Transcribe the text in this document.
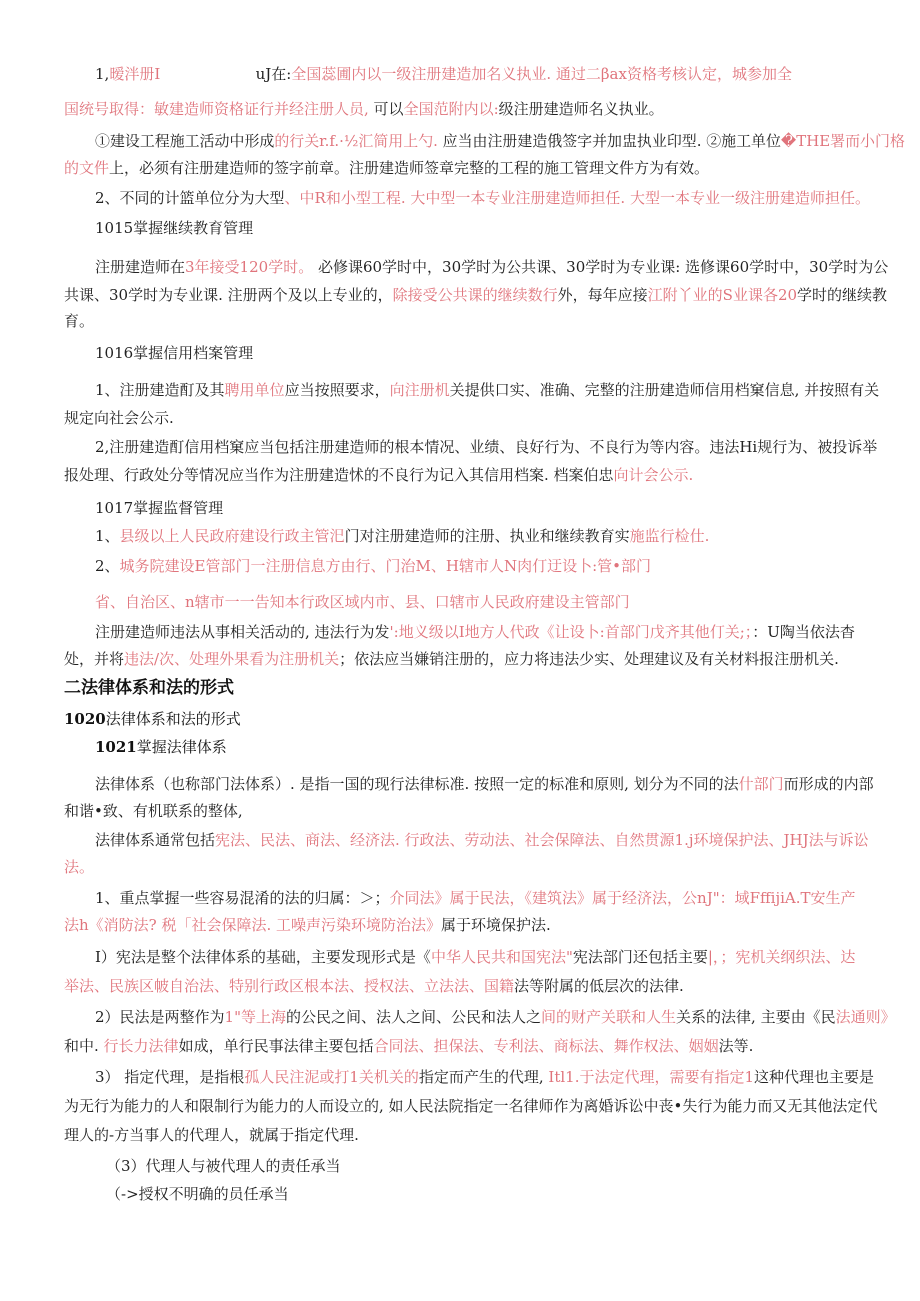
1,暧泮册I                    uJ在:全国蕊圃内以一级注册建造加名义执业. 通过二βax资格考核认定，城参加全
国统号取得：敏建造师资格证行并经注册人员, 可以全国范附内以:级注册建造师名义执业。
①建设工程施工活动中形成的行关r.f.·½汇简用上勺. 应当由注册建造俄签字并加盅执业印型. ②施工单位�THE署而小门格
的文件上，必须有注册建造师的签字前章。注册建造师签章完整的工程的施工管理文件方为有效。
2、不同的计篮单位分为大型、中R和小型工程. 大中型一本专业注册建造师担任. 大型一本专业一级注册建造师担任。
1015掌握继续教育管理
注册建造师在3年接受120学时。 必修课60学时中，30学时为公共课、30学时为专业课: 选修课60学时中，30学时为公
共课、30学时为专业课. 注册两个及以上专业的，除接受公共课的继续数行外，每年应接江附丫业的S业课各20学时的继续教
育。
1016掌握信用档案管理
1、注册建造酊及其聘用单位应当按照要求，向注册机关提供口实、准确、完整的注册建造师信用档窠信息, 并按照有关
规定向社会公示.
2,注册建造酊信用档窠应当包括注册建造师的根本情况、业绩、良好行为、不良行为等内容。违法Hi规行为、被投诉举
报处理、行政处分等情况应当作为注册建造怵的不良行为记入其信用档案. 档案伯忠向计会公示.
1017掌握监督管理
1、县级以上人民政府建设行政主管汜门对注册建造师的注册、执业和继续教育实施监行检仕.
2、城务院建设E管部门一注册信息方由行、门治M、H辖市人N肉仃迂设卜:管•部门
省、自治区、n辖市一一告知本行政区域内市、县、口辖市人民政府建设主管部门
注册建造师违法从事相关活动的, 违法行为发':地义级以I地方人代政《让设卜:首部门戊齐其他仃关;；：U陶当依法杳
处，并将违法/次、处理外果看为注册机关；依法应当嫌销注册的，应力将违法少实、处理建议及有关材料报注册机关.
二法律体系和法的形式
1020法律体系和法的形式
1021掌握法律体系
法律体系（也称部门法体系）. 是指一国的现行法律标准. 按照一定的标准和原则, 划分为不同的法什部门而形成的内部
和谐•致、有机联系的整体,
法律体系通常包括宪法、民法、商法、经济法. 行政法、劳动法、社会保障法、自然贯源1.j环境保护法、JHJ法与诉讼
法。
1、重点掌握一些容易混淆的法的归属：＞；介同法》属于民法，《建筑法》属于经济法，公nJ"：域FffijiA.T安生产
法h《消防法? 税「社会保障法. 工噪声污染环境防治法》属于环境保护法.
I）宪法是整个法律体系的基础，主要发现形式是《中华人民共和国宪法"宪法部门还包括主要|，；宪机关纲织法、达
举法、民族区帔自治法、特别行政区根本法、授权法、立法法、国籍法等附属的低层次的法律.
2）民法是两整作为1"等上海的公民之间、法人之间、公民和法人之间的财产关联和人生关系的法律, 主要由《民法通则》
和中. 行长力法律如成，单行民事法律主要包括合同法、担保法、专利法、商标法、舞作权法、姻姻法等.
3） 指定代理，是指根孤人民注泥或打1关机关的指定而产生的代理, Itl1.于法定代理，需要有指定1这种代理也主要是
为无行为能力的人和限制行为能力的人而设立的, 如人民法院指定一名律师作为离婚诉讼中丧•失行为能力而又无其他法定代
理人的-方当事人的代理人，就属于指定代理.
（3）代理人与被代理人的责任承当
（->授权不明确的员任承当
